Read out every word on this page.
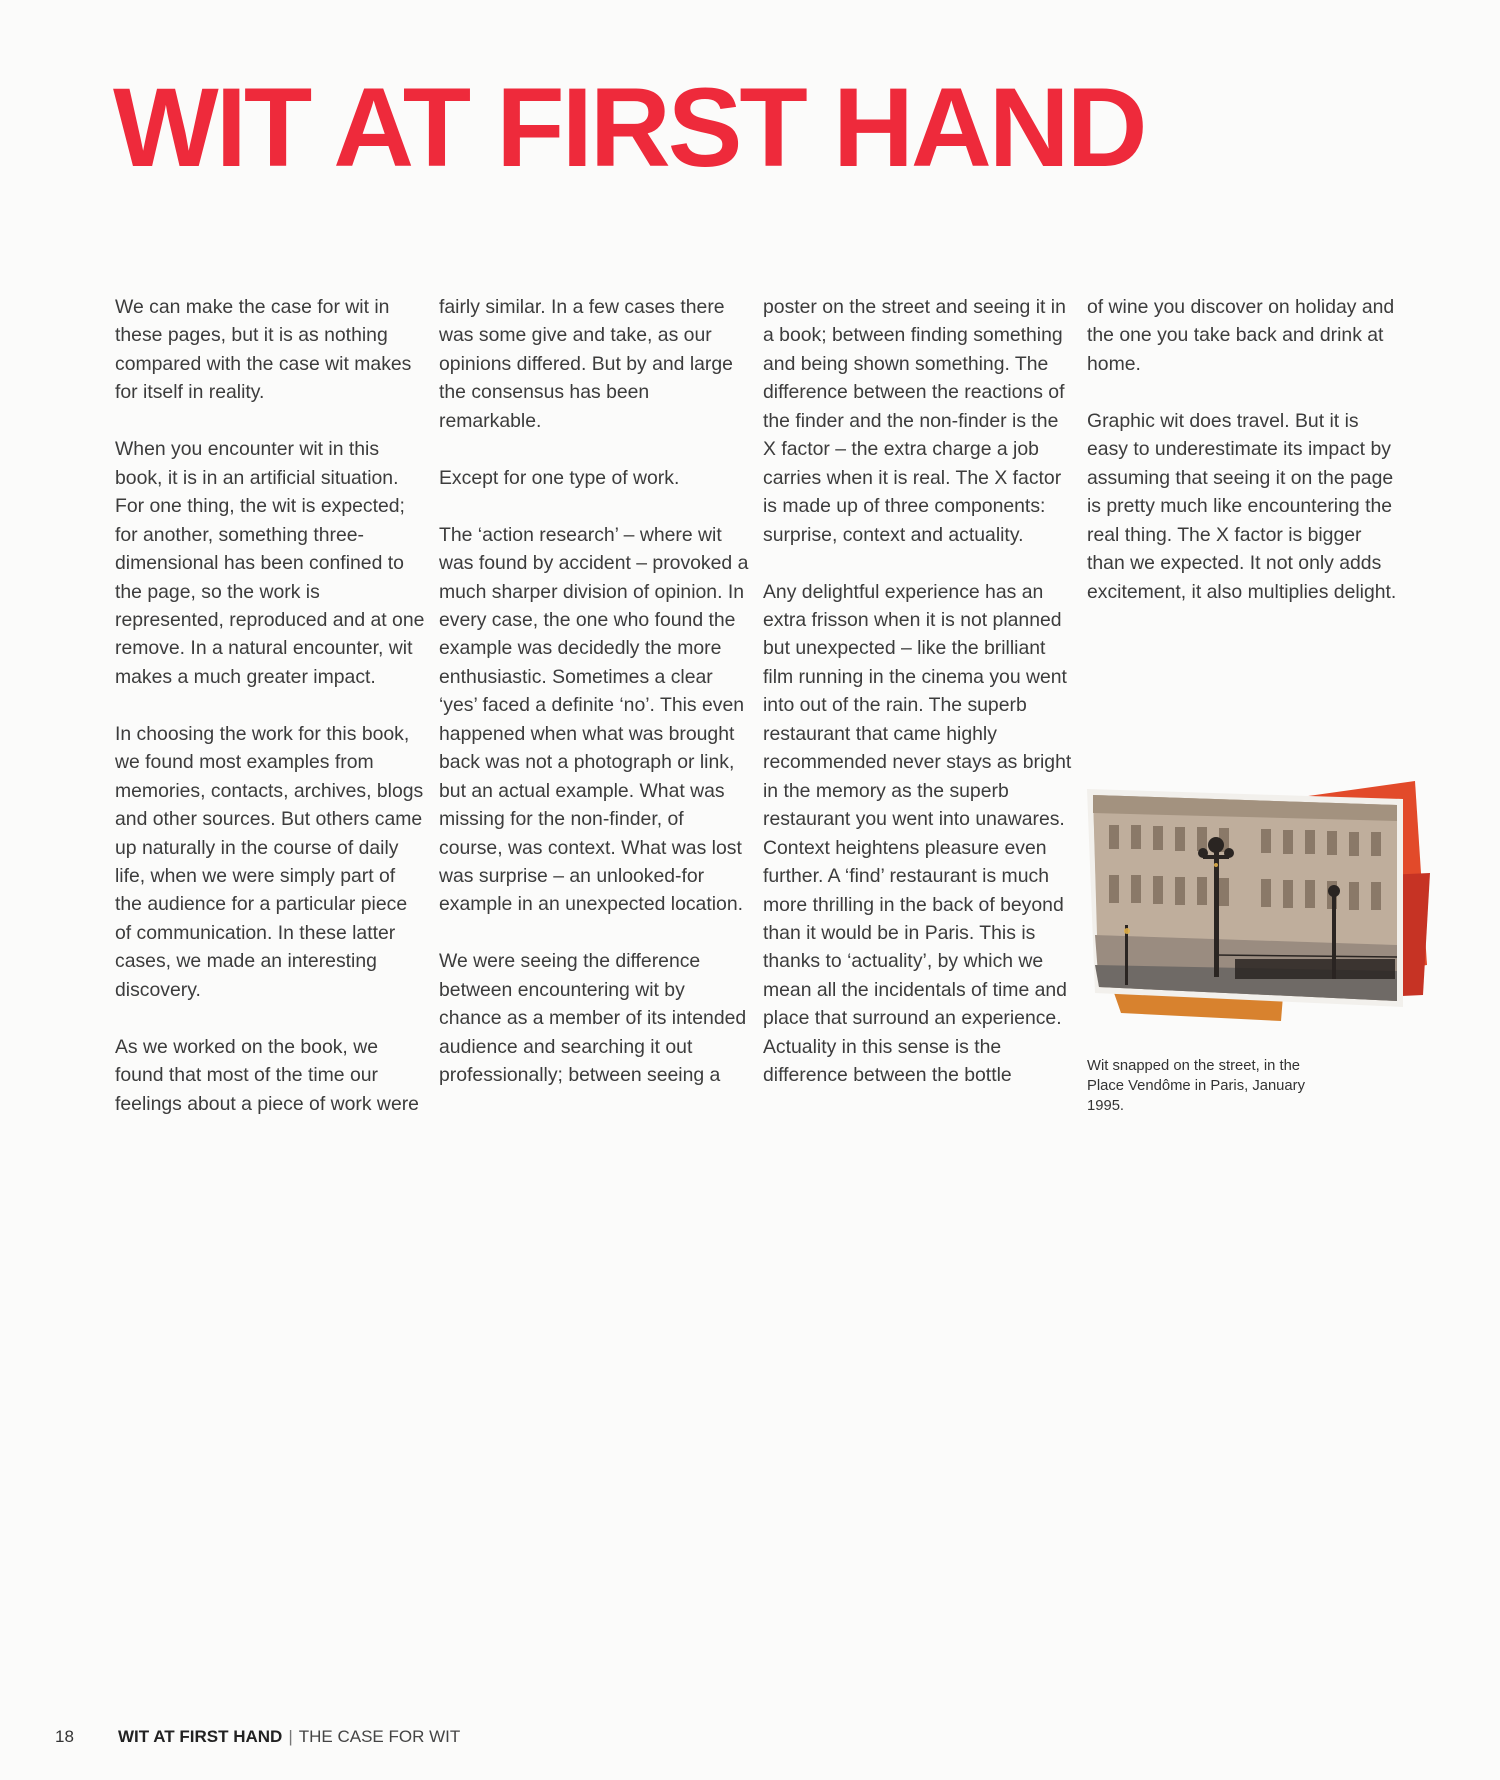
WIT AT FIRST HAND

We can make the case for wit in these pages, but it is as nothing compared with the case wit makes for itself in reality.

When you encounter wit in this book, it is in an artificial situation. For one thing, the wit is expected; for another, something three-dimensional has been confined to the page, so the work is represented, reproduced and at one remove. In a natural encounter, wit makes a much greater impact.

In choosing the work for this book, we found most examples from memories, contacts, archives, blogs and other sources. But others came up naturally in the course of daily life, when we were simply part of the audience for a particular piece of communication. In these latter cases, we made an interesting discovery.

As we worked on the book, we found that most of the time our feelings about a piece of work were

fairly similar. In a few cases there was some give and take, as our opinions differed. But by and large the consensus has been remarkable.

Except for one type of work.

The ‘action research’ – where wit was found by accident – provoked a much sharper division of opinion. In every case, the one who found the example was decidedly the more enthusiastic. Sometimes a clear ‘yes’ faced a definite ‘no’. This even happened when what was brought back was not a photograph or link, but an actual example. What was missing for the non-finder, of course, was context. What was lost was surprise – an unlooked-for example in an unexpected location.

We were seeing the difference between encountering wit by chance as a member of its intended audience and searching it out professionally; between seeing a

poster on the street and seeing it in a book; between finding something and being shown something. The difference between the reactions of the finder and the non-finder is the X factor – the extra charge a job carries when it is real. The X factor is made up of three components: surprise, context and actuality.

Any delightful experience has an extra frisson when it is not planned but unexpected – like the brilliant film running in the cinema you went into out of the rain. The superb restaurant that came highly recommended never stays as bright in the memory as the superb restaurant you went into unawares. Context heightens pleasure even further. A ‘find’ restaurant is much more thrilling in the back of beyond than it would be in Paris. This is thanks to ‘actuality’, by which we mean all the incidentals of time and place that surround an experience. Actuality in this sense is the difference between the bottle

of wine you discover on holiday and the one you take back and drink at home.

Graphic wit does travel. But it is easy to underestimate its impact by assuming that seeing it on the page is pretty much like encountering the real thing. The X factor is bigger than we expected. It not only adds excitement, it also multiplies delight.

Wit snapped on the street, in the Place Vendôme in Paris, January 1995.
18	WIT AT FIRST HAND | THE CASE FOR WIT
